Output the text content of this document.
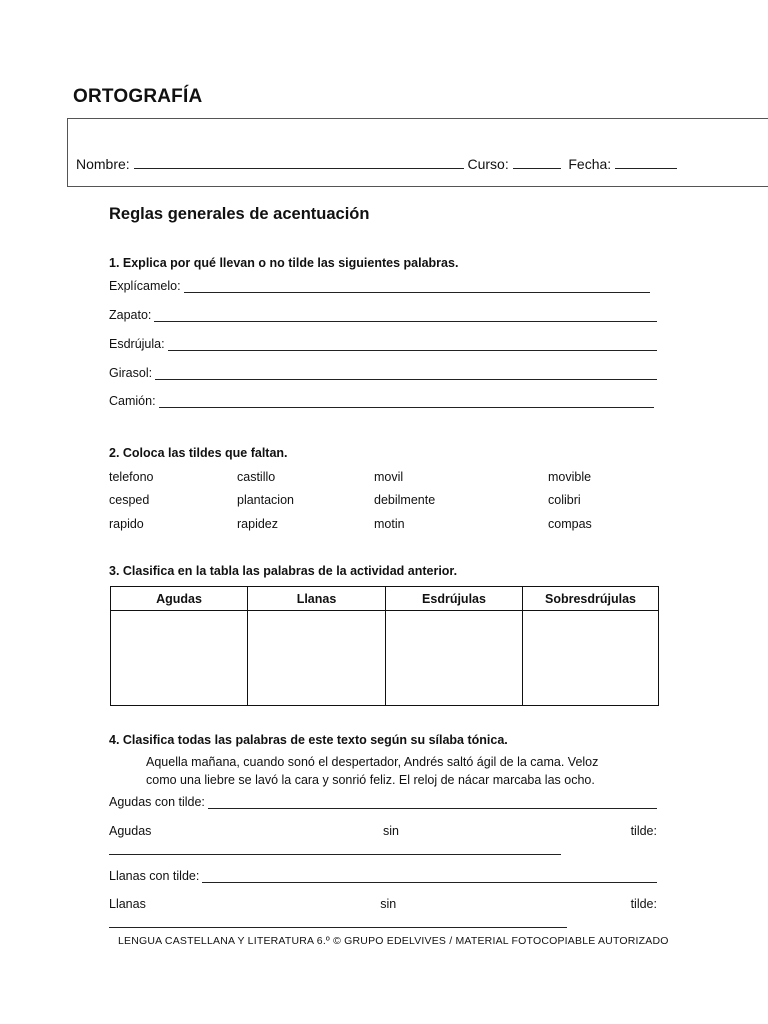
ORTOGRAFÍA
Nombre:	Curso:	Fecha:
Reglas generales de acentuación
1. Explica por qué llevan o no tilde las siguientes palabras.
Explícamelo:
Zapato:
Esdrújula:
Girasol:
Camión:
2. Coloca las tildes que faltan.
telefono	castillo	movil	movible
cesped	plantacion	debilmente	colibri
rapido	rapidez	motin	compas
3. Clasifica en la tabla las palabras de la actividad anterior.
Agudas	Llanas	Esdrújulas	Sobresdrújulas

4. Clasifica todas las palabras de este texto según su sílaba tónica.
Aquella mañana, cuando sonó el despertador, Andrés saltó ágil de la cama. Veloz
como una liebre se lavó la cara y sonrió feliz. El reloj de nácar marcaba las ocho.
Agudas con tilde:
Agudas	sin	tilde:
Llanas con tilde:
Llanas	sin	tilde:
LENGUA CASTELLANA Y LITERATURA 6.º © GRUPO EDELVIVES / MATERIAL FOTOCOPIABLE AUTORIZADO
